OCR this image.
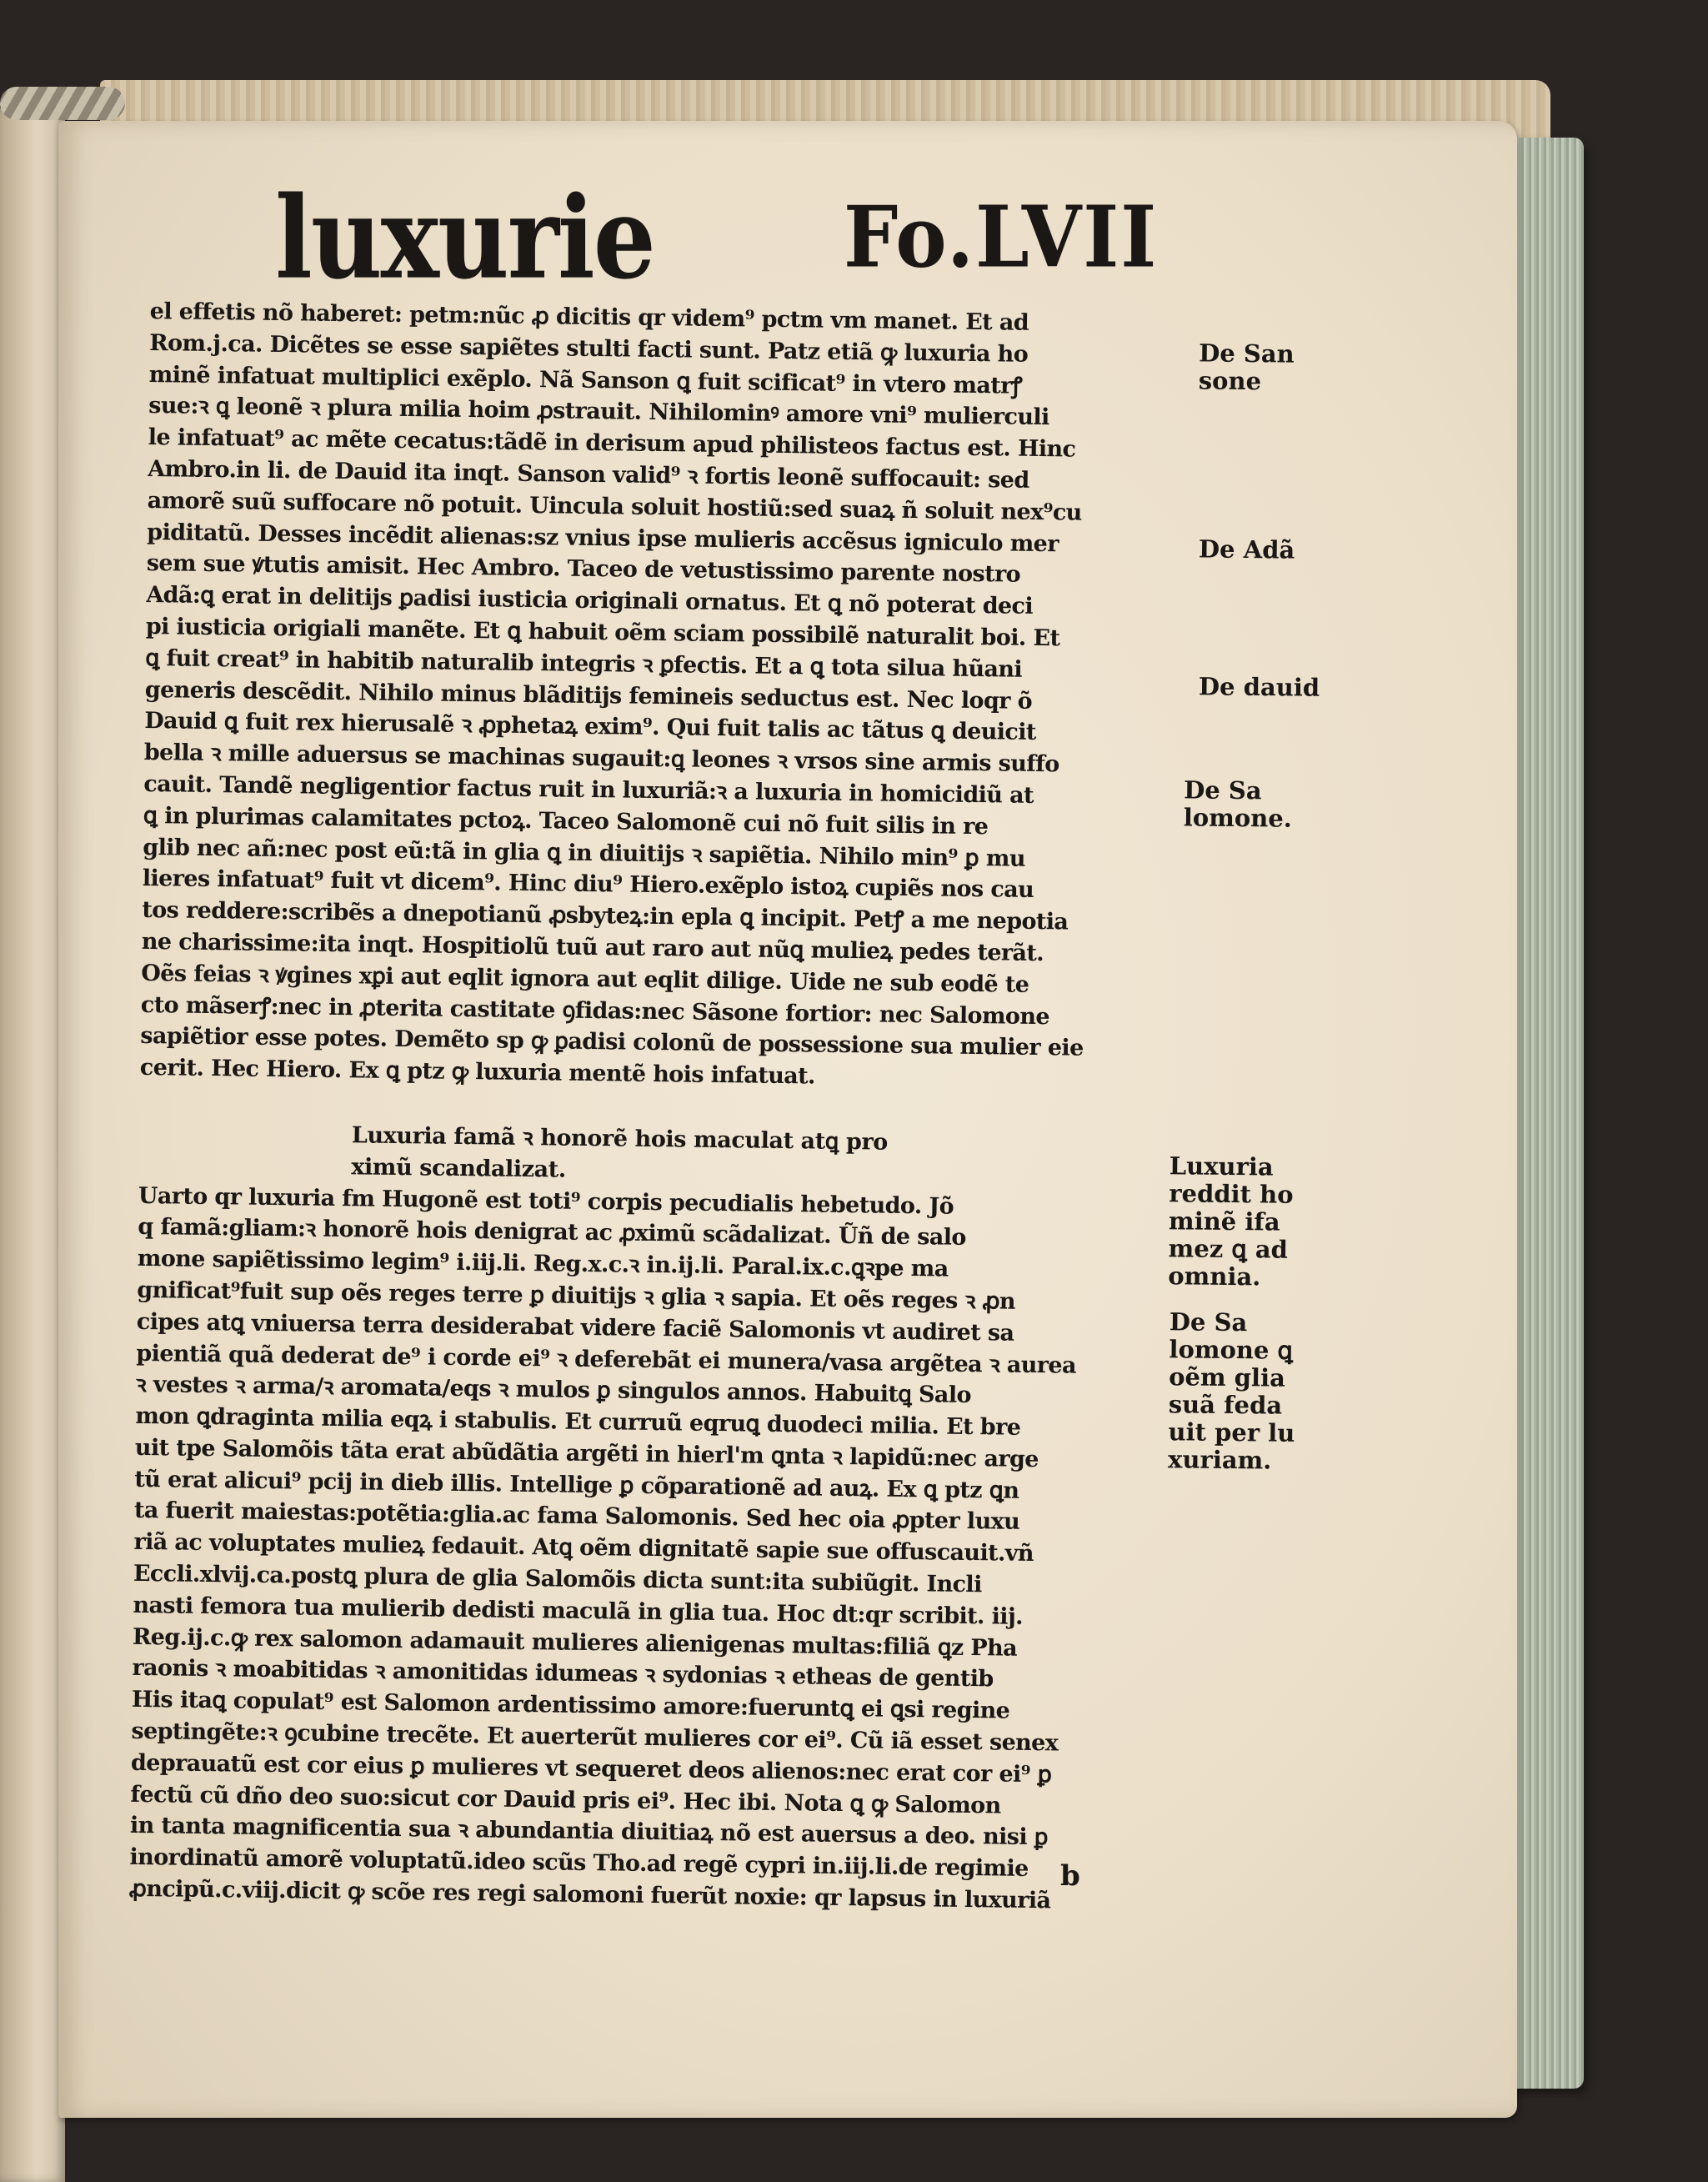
luxurie Fo.LVII
el effetis nõ haberet: petm:nũc ꝓ dicitis qr videm⁹ pctm vm manet. Et ad
Rom.j.ca. Dicẽtes se esse sapiẽtes stulti facti sunt. Patz etiã ꝙ luxuria ho
minẽ infatuat multiplici exẽplo. Nã Sanson ꝗ fuit scificat⁹ in vtero matrꝭ
sue:ꝛ ꝗ leonẽ ꝛ plura milia hoim ꝓstrauit. Nihilominꝰ amore vni⁹ mulierculi
le infatuat⁹ ac mẽte cecatus:tãdẽ in derisum apud philisteos factus est. Hinc
Ambro.in li. de Dauid ita inqt. Sanson valid⁹ ꝛ fortis leonẽ suffocauit: sed
amorẽ suũ suffocare nõ potuit. Uincula soluit hostiũ:sed suaꝝ ñ soluit nex⁹cu
piditatũ. Desses incẽdit alienas:sz vnius ipse mulieris accẽsus igniculo mer
sem sue ꝟtutis amisit. Hec Ambro. Taceo de vetustissimo parente nostro
Adã:ꝗ erat in delitijs ꝑadisi iusticia originali ornatus. Et ꝗ nõ poterat deci
pi iusticia origiali manẽte. Et ꝗ habuit oẽm sciam possibilẽ naturalit boi. Et
ꝗ fuit creat⁹ in habitib naturalib integris ꝛ ꝑfectis. Et a ꝗ tota silua hũani
generis descẽdit. Nihilo minus blãditijs femineis seductus est. Nec loqr õ
Dauid ꝗ fuit rex hierusalẽ ꝛ ꝓphetaꝝ exim⁹. Qui fuit talis ac tãtus ꝗ deuicit
bella ꝛ mille aduersus se machinas sugauit:ꝗ leones ꝛ vrsos sine armis suffo
cauit. Tandẽ negligentior factus ruit in luxuriã:ꝛ a luxuria in homicidiũ at
ꝗ in plurimas calamitates pctoꝝ. Taceo Salomonẽ cui nõ fuit silis in re
glib nec añ:nec post eũ:tã in glia ꝗ in diuitijs ꝛ sapiẽtia. Nihilo min⁹ ꝑ mu
lieres infatuat⁹ fuit vt dicem⁹. Hinc diu⁹ Hiero.exẽplo istoꝝ cupiẽs nos cau
tos reddere:scribẽs a dnepotianũ ꝓsbyteꝝ:in epla ꝗ incipit. Petꝭ a me nepotia
ne charissime:ita inqt. Hospitiolũ tuũ aut raro aut nũꝗ mulieꝝ pedes terãt.
Oẽs feias ꝛ ꝟgines xꝑi aut eqlit ignora aut eqlit dilige. Uide ne sub eodẽ te
cto mãserꝭ:nec in ꝓterita castitate ꝯfidas:nec Sãsone fortior: nec Salomone
sapiẽtior esse potes. Demẽto sp ꝙ ꝑadisi colonũ de possessione sua mulier eie
cerit. Hec Hiero. Ex ꝗ ptz ꝙ luxuria mentẽ hois infatuat.
Luxuria famã ꝛ honorẽ hois maculat atꝗ pro
ximũ scandalizat.
Uarto qr luxuria fm Hugonẽ est toti⁹ corpis pecudialis hebetudo. Jõ
q famã:gliam:ꝛ honorẽ hois denigrat ac ꝓximũ scãdalizat. Ũñ de salo
mone sapiẽtissimo legim⁹ i.iij.li. Reg.x.c.ꝛ in.ij.li. Paral.ix.c.ꝗꝛpe ma
gnificat⁹fuit sup oẽs reges terre ꝑ diuitijs ꝛ glia ꝛ sapia. Et oẽs reges ꝛ ꝓn
cipes atꝗ vniuersa terra desiderabat videre faciẽ Salomonis vt audiret sa
pientiã quã dederat de⁹ i corde ei⁹ ꝛ deferebãt ei munera/vasa argẽtea ꝛ aurea
ꝛ vestes ꝛ arma/ꝛ aromata/eqs ꝛ mulos ꝑ singulos annos. Habuitꝗ Salo
mon ꝗdraginta milia eqꝝ i stabulis. Et curruũ eqruꝗ duodeci milia. Et bre
uit tpe Salomõis tãta erat abũdãtia argẽti in hierl'm ꝗnta ꝛ lapidũ:nec arge
tũ erat alicui⁹ pcij in dieb illis. Intellige ꝑ cõparationẽ ad auꝝ. Ex ꝗ ptz ꝗn
ta fuerit maiestas:potẽtia:glia.ac fama Salomonis. Sed hec oia ꝓpter luxu
riã ac voluptates mulieꝝ fedauit. Atꝗ oẽm dignitatẽ sapie sue offuscauit.vñ
Eccli.xlvij.ca.postꝗ plura de glia Salomõis dicta sunt:ita subiũgit. Incli
nasti femora tua mulierib dedisti maculã in glia tua. Hoc dt:qr scribit. iij.
Reg.ij.c.ꝙ rex salomon adamauit mulieres alienigenas multas:filiã ꝗz Pha
raonis ꝛ moabitidas ꝛ amonitidas idumeas ꝛ sydonias ꝛ etheas de gentib
His itaꝗ copulat⁹ est Salomon ardentissimo amore:fueruntꝗ ei ꝗsi regine
septingẽte:ꝛ ꝯcubine trecẽte. Et auerterũt mulieres cor ei⁹. Cũ iã esset senex
deprauatũ est cor eius ꝑ mulieres vt sequeret deos alienos:nec erat cor ei⁹ ꝑ
fectũ cũ dño deo suo:sicut cor Dauid pris ei⁹. Hec ibi. Nota ꝗ ꝙ Salomon
in tanta magnificentia sua ꝛ abundantia diuitiaꝝ nõ est auersus a deo. nisi ꝑ
inordinatũ amorẽ voluptatũ.ideo scũs Tho.ad regẽ cypri in.iij.li.de regimie
ꝓncipũ.c.viij.dicit ꝙ scõe res regi salomoni fuerũt noxie: qr lapsus in luxuriã
De San
sone
De Adã
De dauid
De Sa
lomone.
Luxuria
reddit ho
minẽ ifa
mez ꝗ ad
omnia.
De Sa
lomone ꝗ
oẽm glia
suã feda
uit per lu
xuriam.
b
